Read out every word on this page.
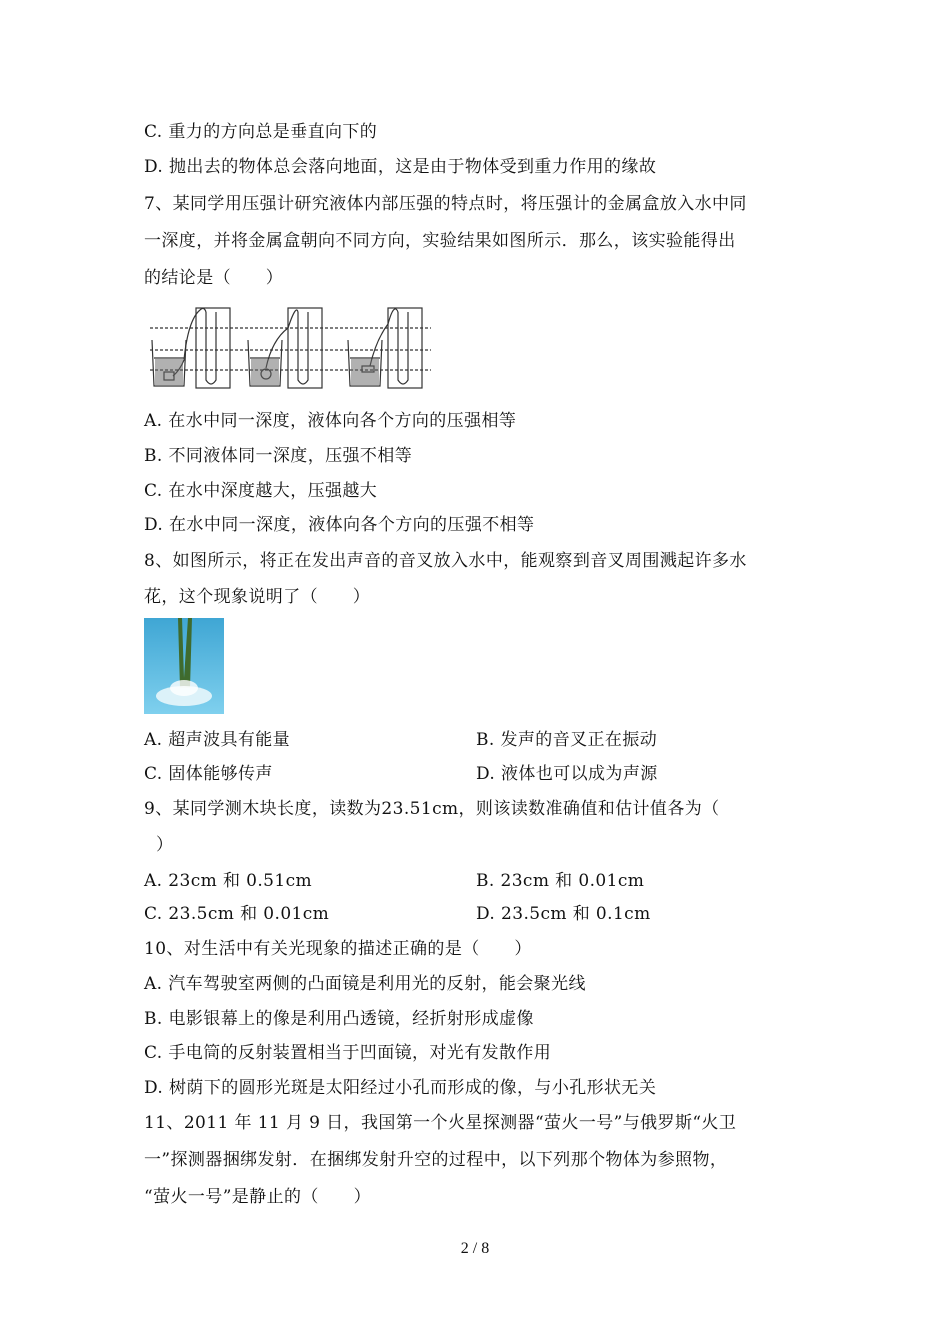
C. 重力的方向总是垂直向下的
D. 抛出去的物体总会落向地面，这是由于物体受到重力作用的缘故
7、某同学用压强计研究液体内部压强的特点时，将压强计的金属盒放入水中同
一深度，并将金属盒朝向不同方向，实验结果如图所示．那么，该实验能得出
的结论是（　　）
A. 在水中同一深度，液体向各个方向的压强相等
B. 不同液体同一深度，压强不相等
C. 在水中深度越大，压强越大
D. 在水中同一深度，液体向各个方向的压强不相等
8、如图所示，将正在发出声音的音叉放入水中，能观察到音叉周围溅起许多水
花，这个现象说明了（　　）
A. 超声波具有能量	B. 发声的音叉正在振动
C. 固体能够传声	D. 液体也可以成为声源
9、某同学测木块长度，读数为23.51cm，则该读数准确值和估计值各为（
）
A. 23cm 和 0.51cm	B. 23cm 和 0.01cm
C. 23.5cm 和 0.01cm	D. 23.5cm 和 0.1cm
10、对生活中有关光现象的描述正确的是（　　）
A. 汽车驾驶室两侧的凸面镜是利用光的反射，能会聚光线
B. 电影银幕上的像是利用凸透镜，经折射形成虚像
C. 手电筒的反射装置相当于凹面镜，对光有发散作用
D. 树荫下的圆形光斑是太阳经过小孔而形成的像，与小孔形状无关
11、2011 年 11 月 9 日，我国第一个火星探测器“萤火一号”与俄罗斯“火卫
一”探测器捆绑发射．在捆绑发射升空的过程中，以下列那个物体为参照物，
“萤火一号”是静止的（　　）
2 / 8
